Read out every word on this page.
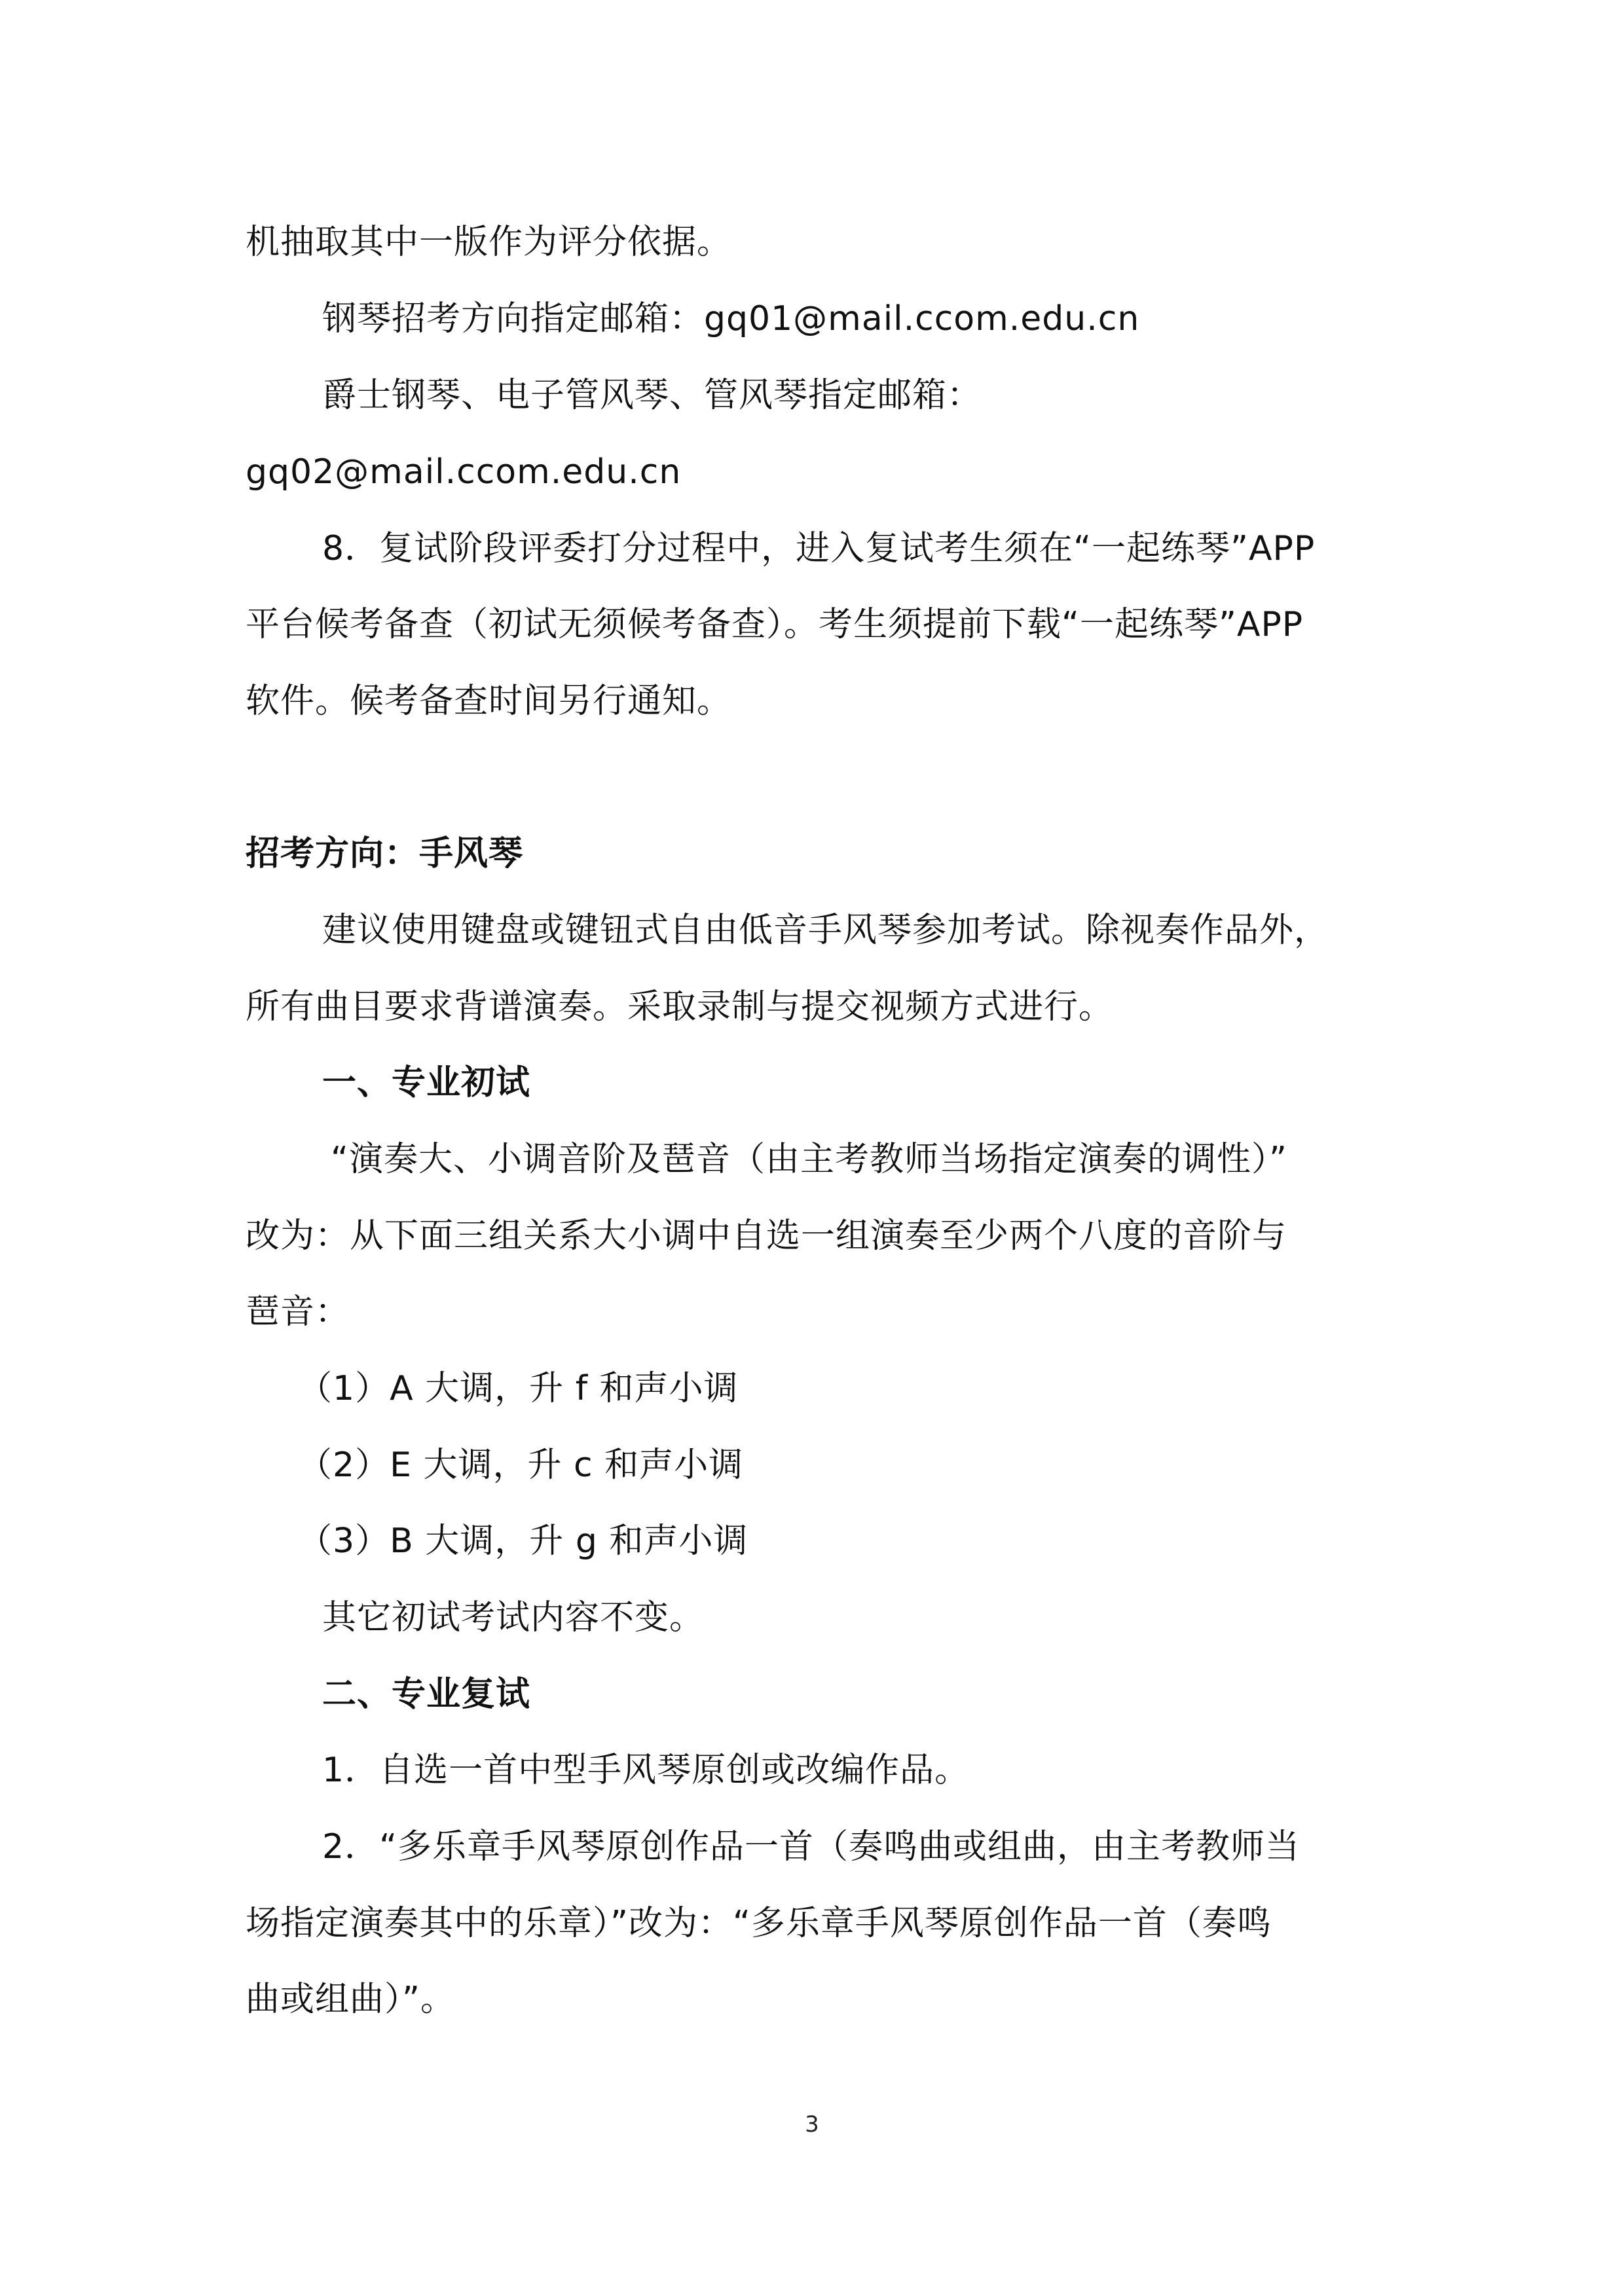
机抽取其中一版作为评分依据。
钢琴招考方向指定邮箱：gq01@mail.ccom.edu.cn
爵士钢琴、电子管风琴、管风琴指定邮箱：
gq02@mail.ccom.edu.cn
8．复试阶段评委打分过程中，进入复试考生须在“一起练琴”APP
平台候考备查（初试无须候考备查）。考生须提前下载“一起练琴”APP
软件。候考备查时间另行通知。
招考方向：手风琴
建议使用键盘或键钮式自由低音手风琴参加考试。除视奏作品外，
所有曲目要求背谱演奏。采取录制与提交视频方式进行。
一、专业初试
“演奏大、小调音阶及琶音（由主考教师当场指定演奏的调性）”
改为：从下面三组关系大小调中自选一组演奏至少两个八度的音阶与
琶音：
（1）A 大调，升 f 和声小调
（2）E 大调，升 c 和声小调
（3）B 大调，升 g 和声小调
其它初试考试内容不变。
二、专业复试
1．自选一首中型手风琴原创或改编作品。
2．“多乐章手风琴原创作品一首（奏鸣曲或组曲，由主考教师当
场指定演奏其中的乐章）”改为：“多乐章手风琴原创作品一首（奏鸣
曲或组曲）”。
3
